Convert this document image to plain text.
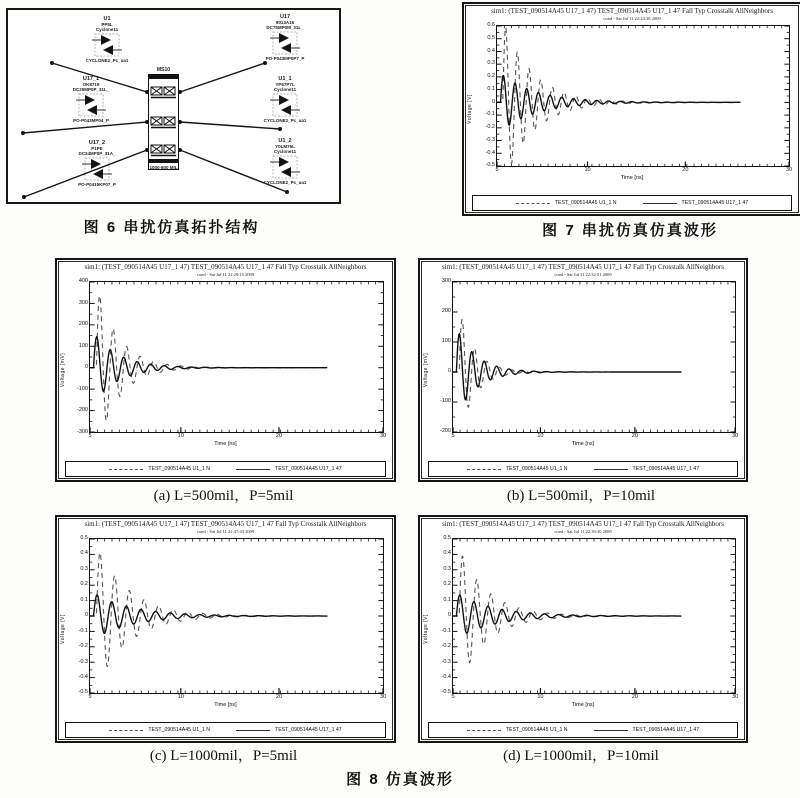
U1
PP5L
Cyclone11
CYCLONE2_Pc_ua1
U17_1
OK8719
DC25MP0P_31L_
PO-P043MP04_P
U17_2
P1PE
DC24MP0P_31A_
PO-P0415KP07_P
U17
9013A16
DC75MP0M_31L_
PO-P043MP0P7_P
U1_1
YP57P7L
Cyclone11
CYCLONE2_Pc_ua1
U1_2
Y0LM76L
Cyclone11
CYCLONE2_Pc_ua1
MS10
1000-800 MIL
图 6 串扰仿真拓扑结构
sim1: (TEST_090514A45 U17_1 47) TEST_090514A45 U17_1 47 Fall Typ Crosstalk AllNeighbors
cond - Sat Jul 11 22:24:38 2009
Voltage [V]
0.6
0.5
0.4
0.3
0.2
0.1
0
-0.1
-0.2
-0.3
-0.4
-0.5
5	10	20	30
Time [ns]
TEST_090514A45 U1_1 N	TEST_090514A45 U17_1 47
图 7 串扰仿真仿真波形
sim1: (TEST_090514A45 U17_1 47) TEST_090514A45 U17_1 47 Fall Typ Crosstalk AllNeighbors
cond - Sat Jul 11 22:29:15 2009
Voltage [mV]
400
300
200
100
0
-100
-200
-300
5	10	20	30
Time [ns]
TEST_090514A45 U1_1 N	TEST_090514A45 U17_1 47
sim1: (TEST_090514A45 U17_1 47) TEST_090514A45 U17_1 47 Fall Typ Crosstalk AllNeighbors
cond - Sat Jul 11 22:32:51 2009
Voltage [mV]
300
200
100
0
-100
-200
5	10	20	30
Time [ns]
TEST_090514A45 U1_1 N	TEST_090514A45 U17_1 47
(a) L=500mil，P=5mil	(b) L=500mil，P=10mil
sim1: (TEST_090514A45 U17_1 47) TEST_090514A45 U17_1 47 Fall Typ Crosstalk AllNeighbors
cond - Sat Jul 11 22:37:43 2009
Voltage [V]
0.5
0.4
0.3
0.2
0.1
0
-0.1
-0.2
-0.3
-0.4
-0.5
5	10	20	30
Time [ns]
TEST_090514A45 U1_1 N	TEST_090514A45 U17_1 47
sim1: (TEST_090514A45 U17_1 47) TEST_090514A45 U17_1 47 Fall Typ Crosstalk AllNeighbors
cond - Sat Jul 11 22:39:30 2009
Voltage [V]
0.5
0.4
0.3
0.2
0.1
0
-0.1
-0.2
-0.3
-0.4
-0.5
5	10	20	30
Time [ns]
TEST_090514A45 U1_1 N	TEST_090514A45 U17_1 47
(c) L=1000mil，P=5mil	(d) L=1000mil，P=10mil
图 8 仿真波形
